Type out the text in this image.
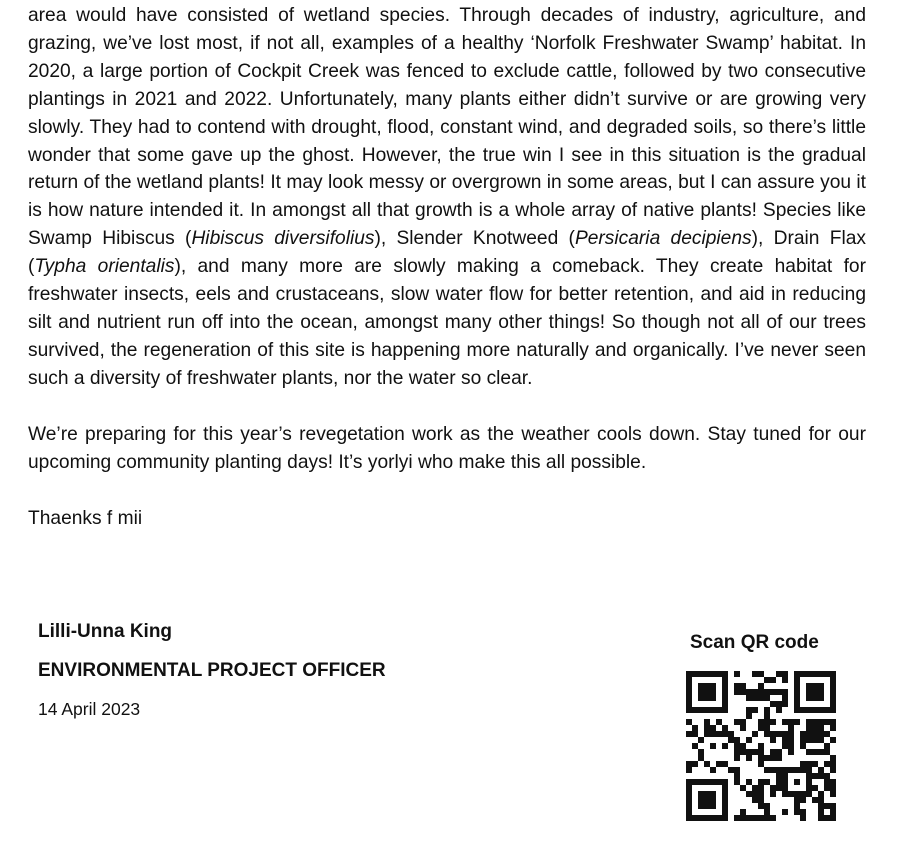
area would have consisted of wetland species. Through decades of industry, agriculture, and grazing, we’ve lost most, if not all, examples of a healthy ‘Norfolk Freshwater Swamp’ habitat. In 2020, a large portion of Cockpit Creek was fenced to exclude cattle, followed by two consecutive plantings in 2021 and 2022. Unfortunately, many plants either didn’t survive or are growing very slowly. They had to contend with drought, flood, constant wind, and degraded soils, so there’s little wonder that some gave up the ghost. However, the true win I see in this situation is the gradual return of the wetland plants! It may look messy or overgrown in some areas, but I can assure you it is how nature intended it. In amongst all that growth is a whole array of native plants! Species like Swamp Hibiscus (Hibiscus diversifolius), Slender Knotweed (Persicaria decipiens), Drain Flax (Typha orientalis), and many more are slowly making a comeback. They create habitat for freshwater insects, eels and crustaceans, slow water flow for better retention, and aid in reducing silt and nutrient run off into the ocean, amongst many other things! So though not all of our trees survived, the regeneration of this site is happening more naturally and organically. I’ve never seen such a diversity of freshwater plants, nor the water so clear.

We’re preparing for this year’s revegetation work as the weather cools down. Stay tuned for our upcoming community planting days! It’s yorlyi who make this all possible.

Thaenks f mii

Lilli-Unna King

ENVIRONMENTAL PROJECT OFFICER

14 April 2023

Scan QR code
